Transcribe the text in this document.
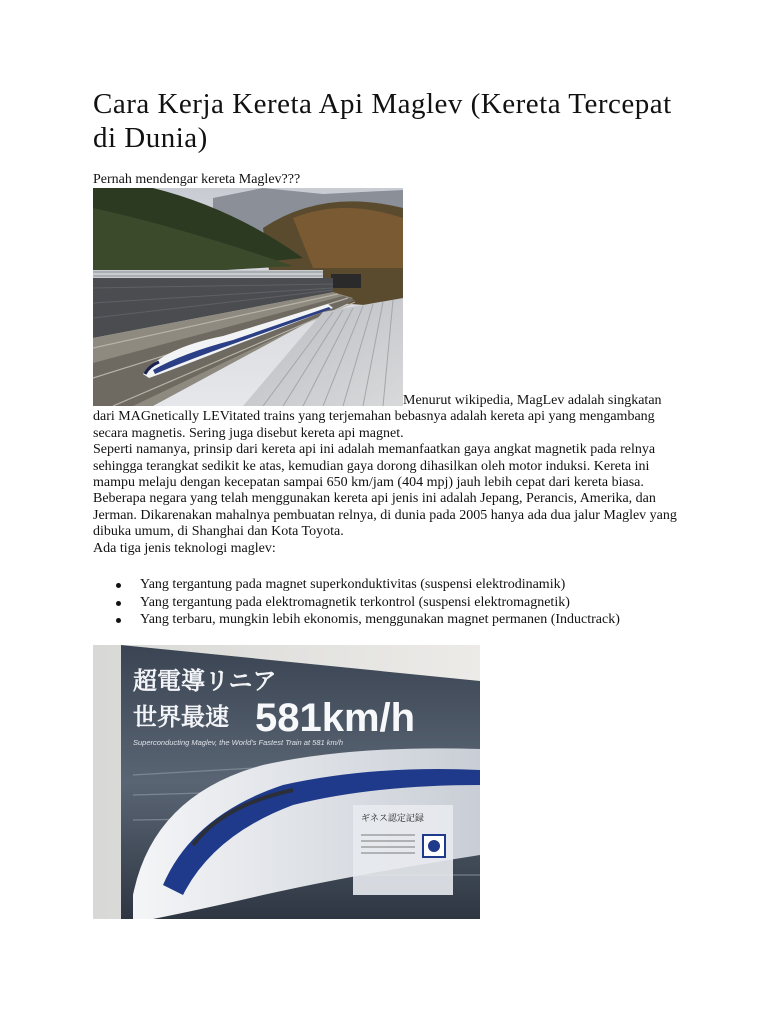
Cara Kerja Kereta Api Maglev (Kereta Tercepat di Dunia)
Pernah mendengar kereta Maglev???

Menurut wikipedia, MagLev adalah singkatan dari MAGnetically LEVitated trains yang terjemahan bebasnya adalah kereta api yang mengambang secara magnetis. Sering juga disebut kereta api magnet.

Seperti namanya, prinsip dari kereta api ini adalah memanfaatkan gaya angkat magnetik pada relnya sehingga terangkat sedikit ke atas, kemudian gaya dorong dihasilkan oleh motor induksi. Kereta ini mampu melaju dengan kecepatan sampai 650 km/jam (404 mpj) jauh lebih cepat dari kereta biasa. Beberapa negara yang telah menggunakan kereta api jenis ini adalah Jepang, Perancis, Amerika, dan Jerman. Dikarenakan mahalnya pembuatan relnya, di dunia pada 2005 hanya ada dua jalur Maglev yang dibuka umum, di Shanghai dan Kota Toyota.

Ada tiga jenis teknologi maglev:

Yang tergantung pada magnet superkonduktivitas (suspensi elektrodinamik)
Yang tergantung pada elektromagnetik terkontrol (suspensi elektromagnetik)
Yang terbaru, mungkin lebih ekonomis, menggunakan magnet permanen (Inductrack)
ギネス認定記録
超電導リニア
世界最速 581km/h
Superconducting Maglev, the World's Fastest Train at 581 km/h
